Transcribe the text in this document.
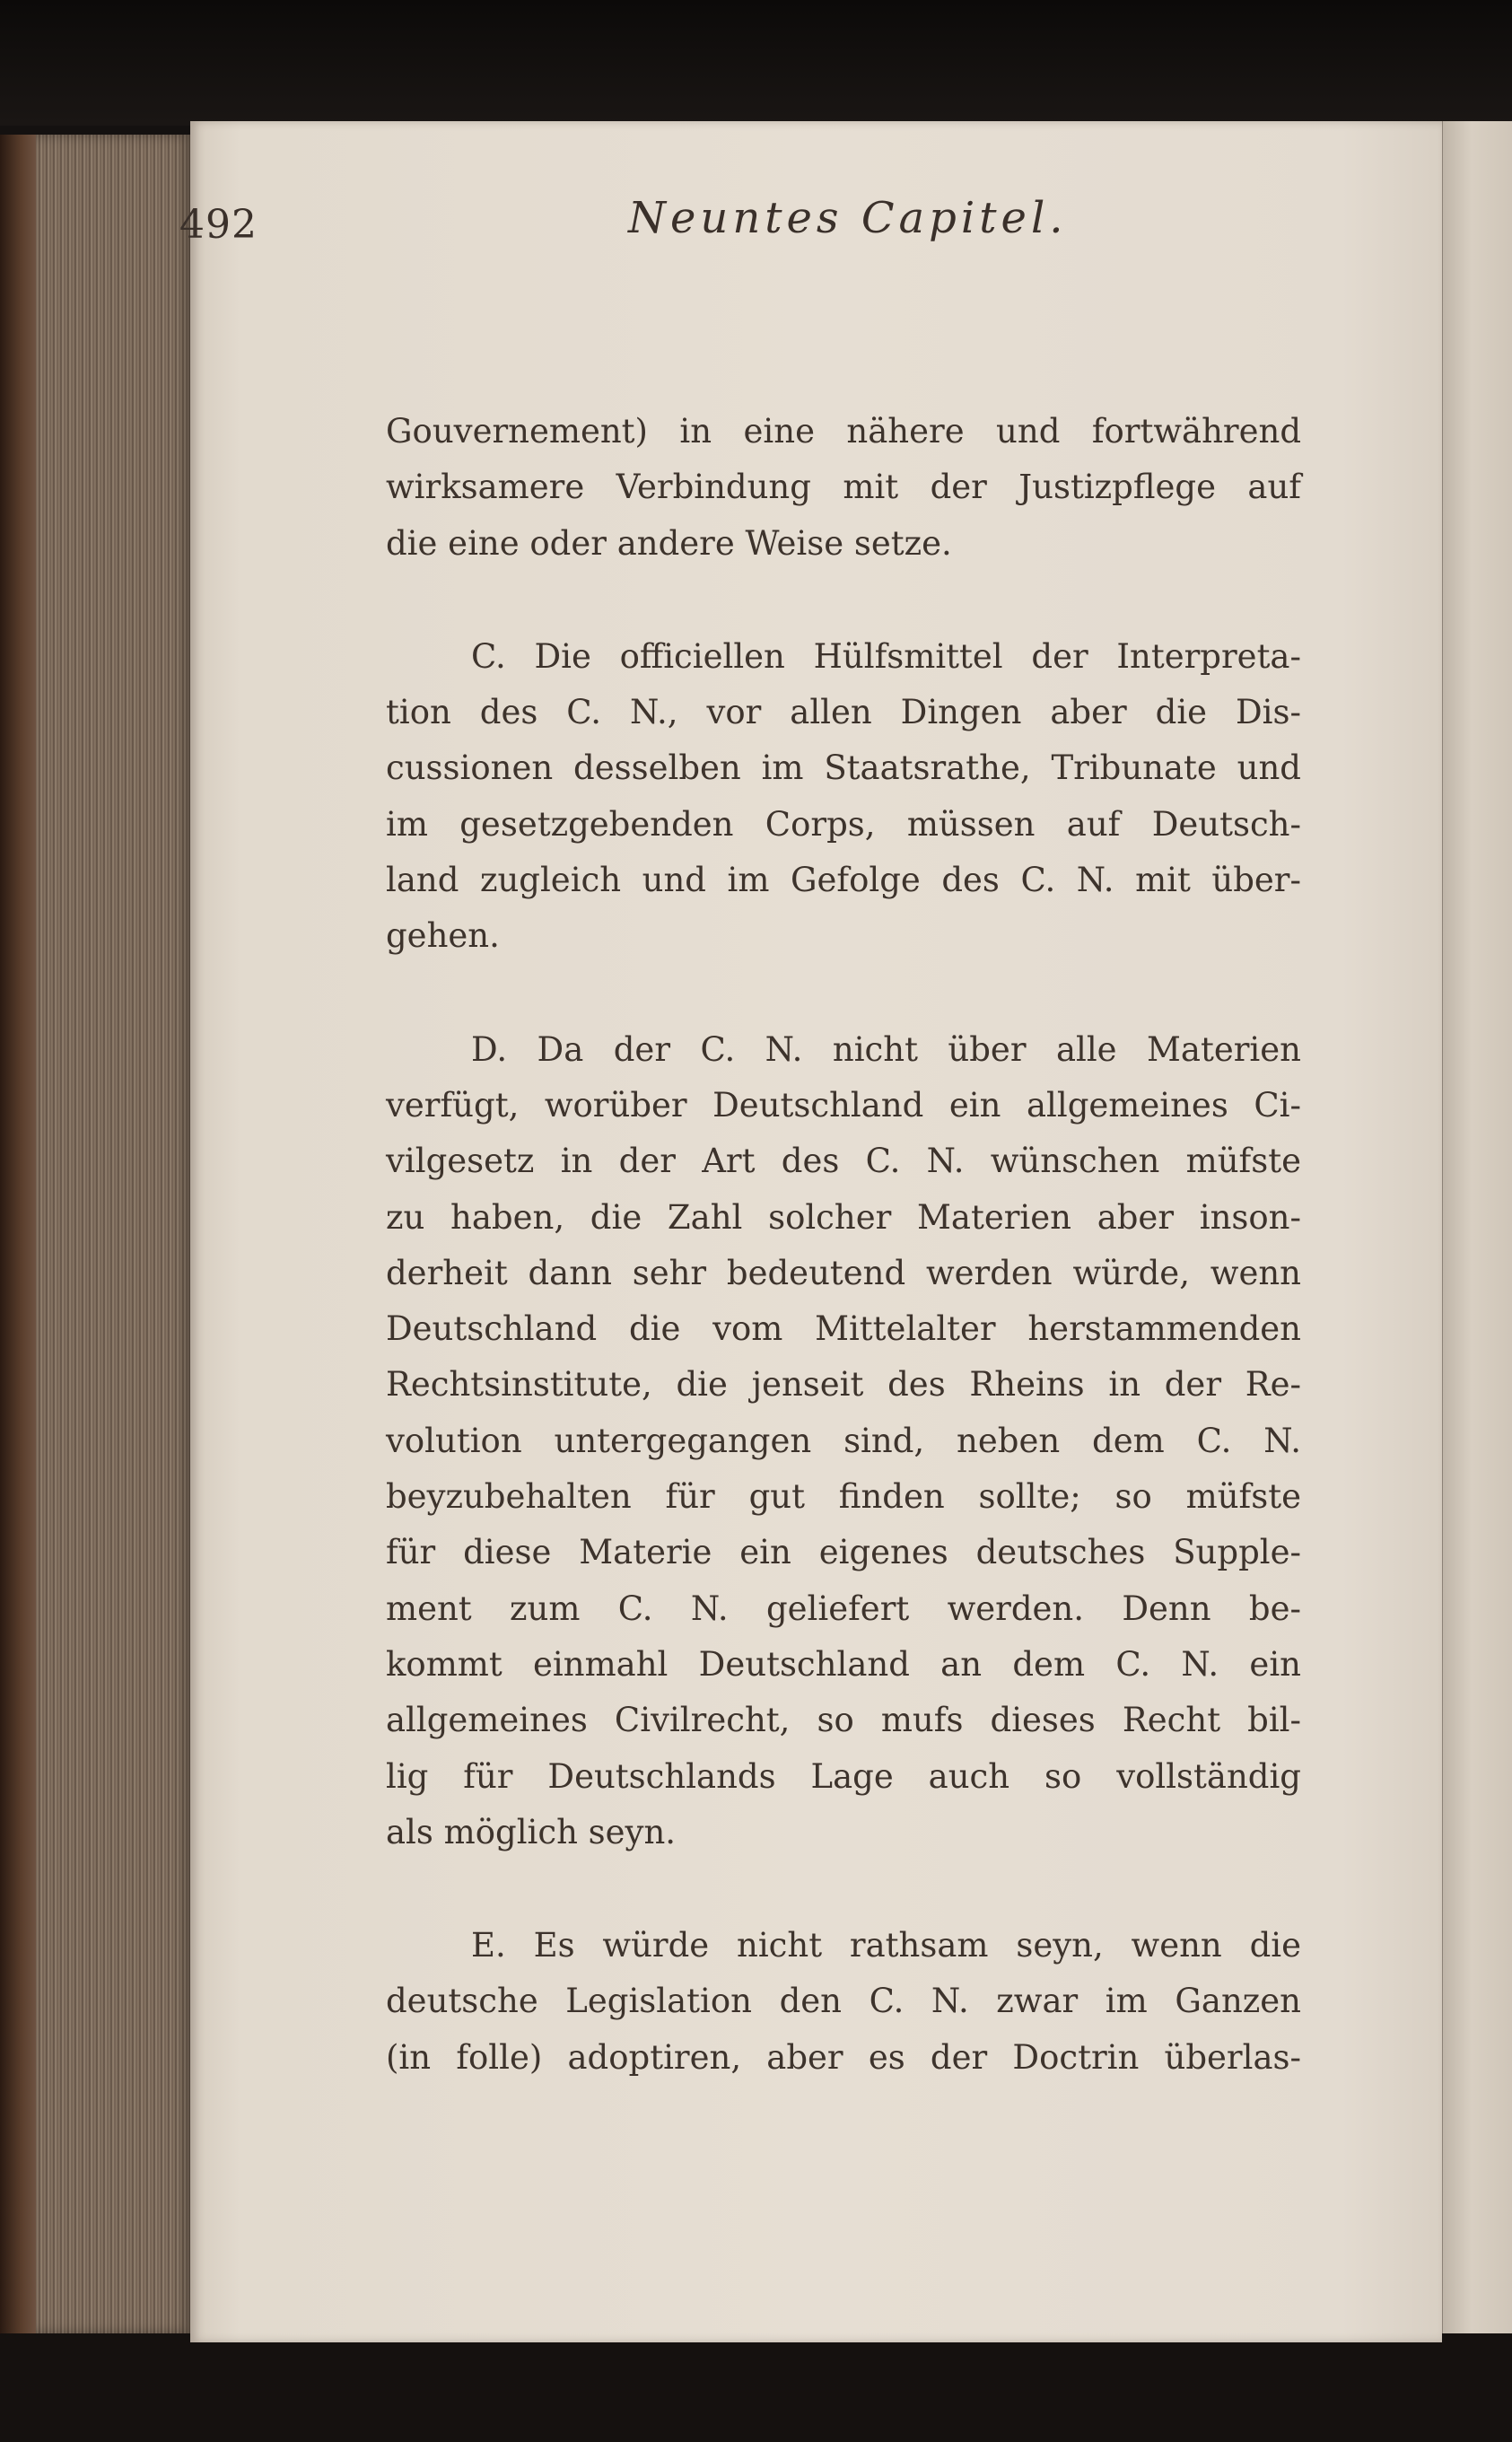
492	Neuntes Capitel.
Gouvernement) in eine nähere und fortwährend
wirksamere Verbindung mit der Justizpflege auf
die eine oder andere Weise setze.
C. Die officiellen Hülfsmittel der Interpreta-
tion des C. N., vor allen Dingen aber die Dis-
cussionen desselben im Staatsrathe, Tribunate und
im gesetzgebenden Corps, müssen auf Deutsch-
land zugleich und im Gefolge des C. N. mit über-
gehen.
D. Da der C. N. nicht über alle Materien
verfügt, worüber Deutschland ein allgemeines Ci-
vilgesetz in der Art des C. N. wünschen müfste
zu haben, die Zahl solcher Materien aber inson-
derheit dann sehr bedeutend werden würde, wenn
Deutschland die vom Mittelalter herstammenden
Rechtsinstitute, die jenseit des Rheins in der Re-
volution untergegangen sind, neben dem C. N.
beyzubehalten für gut finden sollte; so müfste
für diese Materie ein eigenes deutsches Supple-
ment zum C. N. geliefert werden. Denn be-
kommt einmahl Deutschland an dem C. N. ein
allgemeines Civilrecht, so mufs dieses Recht bil-
lig für Deutschlands Lage auch so vollständig
als möglich seyn.
E. Es würde nicht rathsam seyn, wenn die
deutsche Legislation den C. N. zwar im Ganzen
(in folle) adoptiren, aber es der Doctrin überlas-
